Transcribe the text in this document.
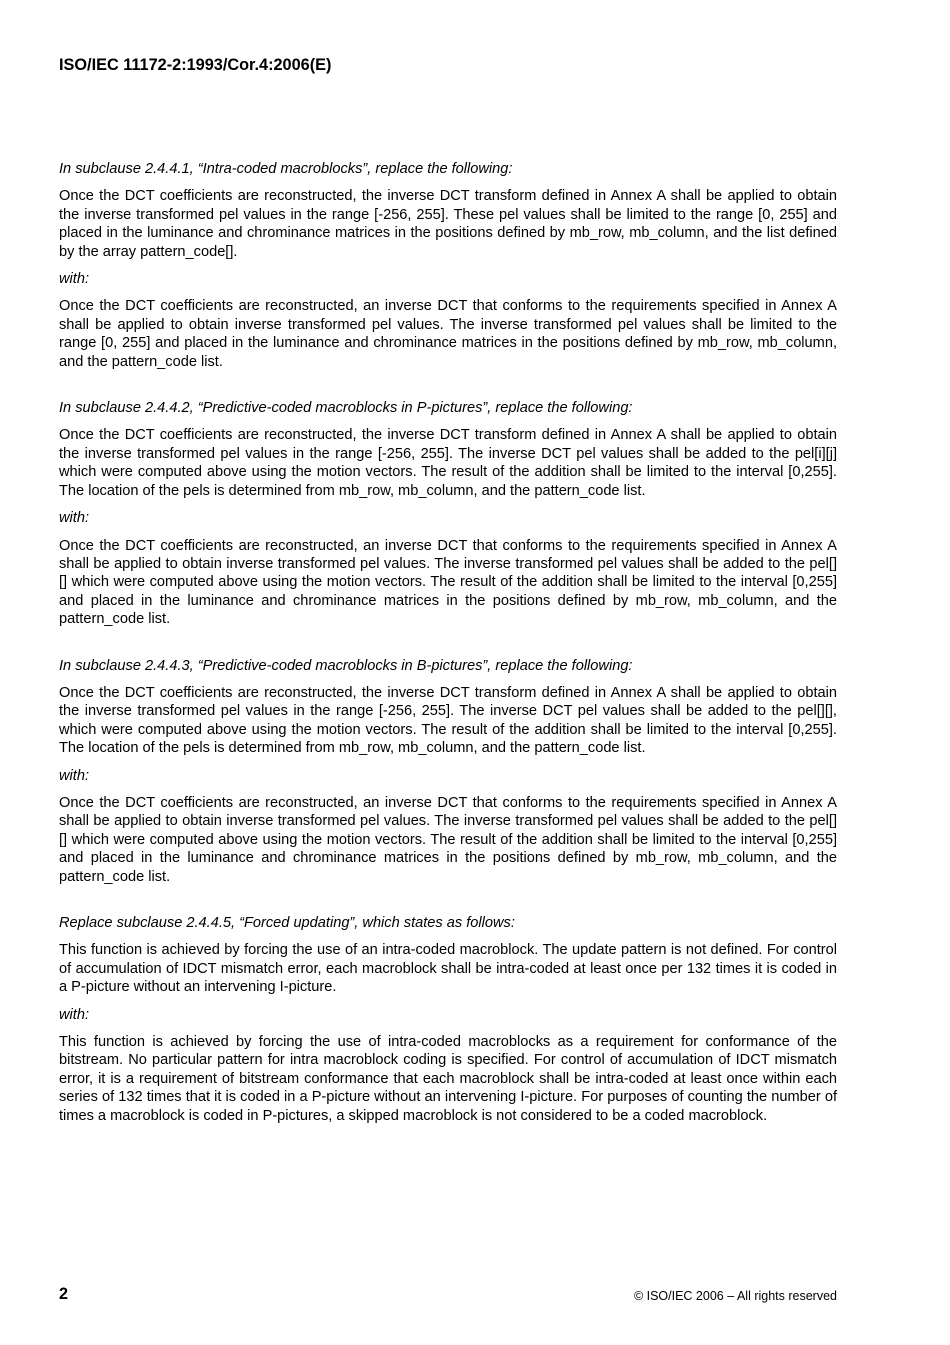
ISO/IEC 11172-2:1993/Cor.4:2006(E)

In subclause 2.4.4.1, “Intra-coded macroblocks”, replace the following:

Once the DCT coefficients are reconstructed, the inverse DCT transform defined in Annex A shall be applied to obtain the inverse transformed pel values in the range [-256, 255]. These pel values shall be limited to the range [0, 255] and placed in the luminance and chrominance matrices in the positions defined by mb_row, mb_column, and the list defined by the array pattern_code[].

with:

Once the DCT coefficients are reconstructed, an inverse DCT that conforms to the requirements specified in Annex A shall be applied to obtain inverse transformed pel values. The inverse transformed pel values shall be limited to the range [0, 255] and placed in the luminance and chrominance matrices in the positions defined by mb_row, mb_column, and the pattern_code list.

In subclause 2.4.4.2, “Predictive-coded macroblocks in P-pictures”, replace the following:

Once the DCT coefficients are reconstructed, the inverse DCT transform defined in Annex A shall be applied to obtain the inverse transformed pel values in the range [-256, 255]. The inverse DCT pel values shall be added to the pel[i][j] which were computed above using the motion vectors. The result of the addition shall be limited to the interval [0,255]. The location of the pels is determined from mb_row, mb_column, and the pattern_code list.

with:

Once the DCT coefficients are reconstructed, an inverse DCT that conforms to the requirements specified in Annex A shall be applied to obtain inverse transformed pel values. The inverse transformed pel values shall be added to the pel[][] which were computed above using the motion vectors. The result of the addition shall be limited to the interval [0,255] and placed in the luminance and chrominance matrices in the positions defined by mb_row, mb_column, and the pattern_code list.

In subclause 2.4.4.3, “Predictive-coded macroblocks in B-pictures”, replace the following:

Once the DCT coefficients are reconstructed, the inverse DCT transform defined in Annex A shall be applied to obtain the inverse transformed pel values in the range [-256, 255]. The inverse DCT pel values shall be added to the pel[][], which were computed above using the motion vectors. The result of the addition shall be limited to the interval [0,255]. The location of the pels is determined from mb_row, mb_column, and the pattern_code list.

with:

Once the DCT coefficients are reconstructed, an inverse DCT that conforms to the requirements specified in Annex A shall be applied to obtain inverse transformed pel values. The inverse transformed pel values shall be added to the pel[][] which were computed above using the motion vectors. The result of the addition shall be limited to the interval [0,255] and placed in the luminance and chrominance matrices in the positions defined by mb_row, mb_column, and the pattern_code list.

Replace subclause 2.4.4.5, “Forced updating”, which states as follows:

This function is achieved by forcing the use of an intra-coded macroblock. The update pattern is not defined. For control of accumulation of IDCT mismatch error, each macroblock shall be intra-coded at least once per 132 times it is coded in a P-picture without an intervening I-picture.

with:

This function is achieved by forcing the use of intra-coded macroblocks as a requirement for conformance of the bitstream. No particular pattern for intra macroblock coding is specified. For control of accumulation of IDCT mismatch error, it is a requirement of bitstream conformance that each macroblock shall be intra-coded at least once within each series of 132 times that it is coded in a P-picture without an intervening I-picture. For purposes of counting the number of times a macroblock is coded in P-pictures, a skipped macroblock is not considered to be a coded macroblock.

2	© ISO/IEC 2006 – All rights reserved
